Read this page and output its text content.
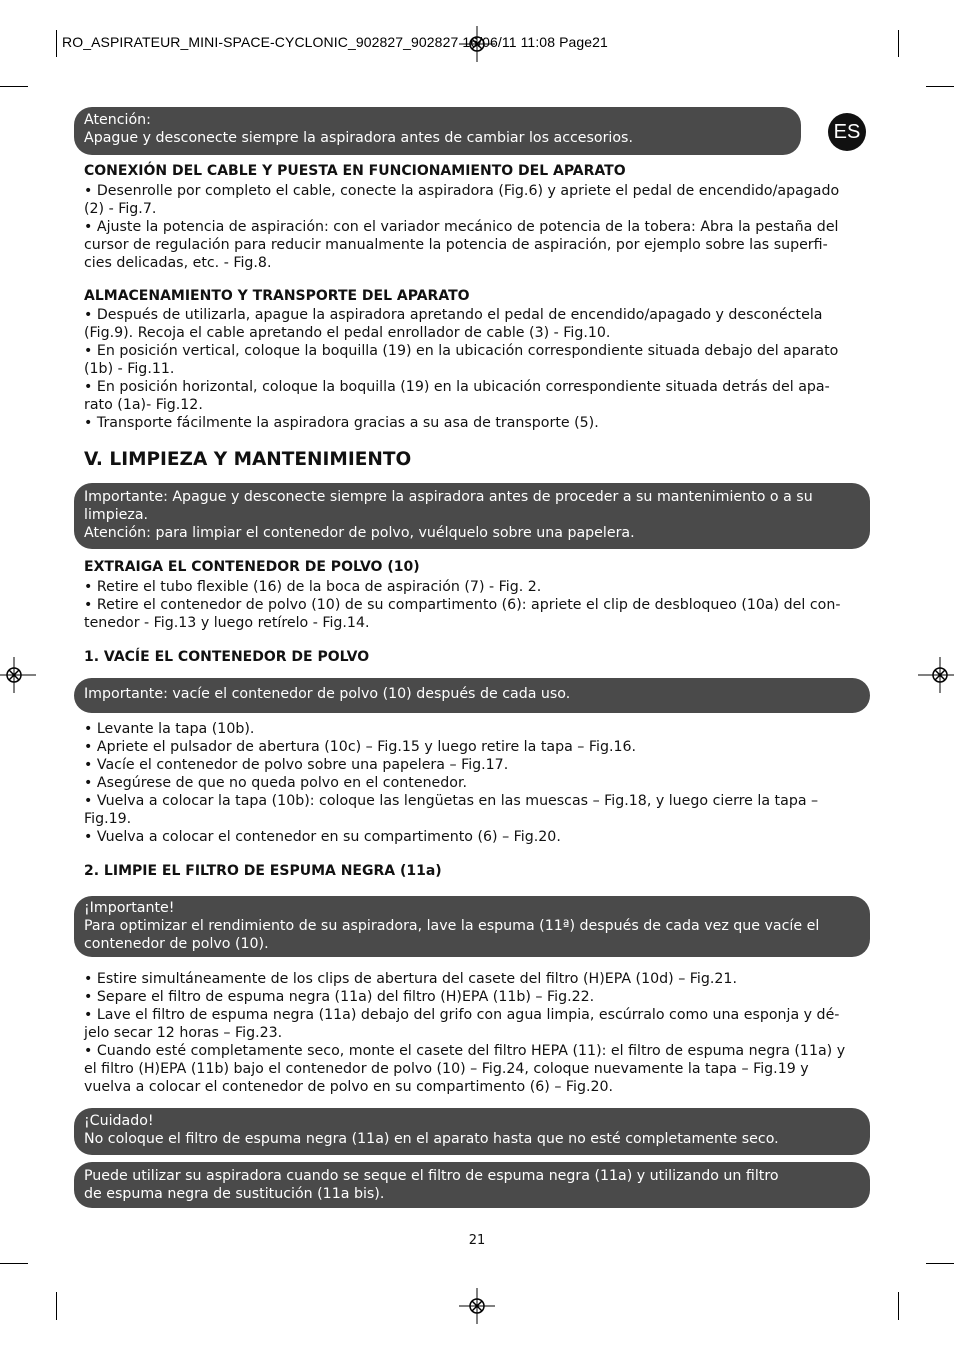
RO_ASPIRATEUR_MINI-SPACE-CYCLONIC_902827_902827 16/06/11 11:08 Page21
ES

Atención:

Apague y desconecte siempre la aspiradora antes de cambiar los accesorios.

CONEXIÓN DEL CABLE Y PUESTA EN FUNCIONAMIENTO DEL APARATO

• Desenrolle por completo el cable, conecte la aspiradora (Fig.6) y apriete el pedal de encendido/apagado

(2) - Fig.7.

• Ajuste la potencia de aspiración: con el variador mecánico de potencia de la tobera: Abra la pestaña del

cursor de regulación para reducir manualmente la potencia de aspiración, por ejemplo sobre las superfi-

cies delicadas, etc. - Fig.8.

ALMACENAMIENTO Y TRANSPORTE DEL APARATO

• Después de utilizarla, apague la aspiradora apretando el pedal de encendido/apagado y desconéctela

(Fig.9). Recoja el cable apretando el pedal enrollador de cable (3) - Fig.10.

• En posición vertical, coloque la boquilla (19) en la ubicación correspondiente situada debajo del aparato

(1b) - Fig.11.

• En posición horizontal, coloque la boquilla (19) en la ubicación correspondiente situada detrás del apa-

rato (1a)- Fig.12.

• Transporte fácilmente la aspiradora gracias a su asa de transporte (5).

V. LIMPIEZA Y MANTENIMIENTO

Importante: Apague y desconecte siempre la aspiradora antes de proceder a su mantenimiento o a su

limpieza.

Atención: para limpiar el contenedor de polvo, vuélquelo sobre una papelera.

EXTRAIGA EL CONTENEDOR DE POLVO (10)

• Retire el tubo flexible (16) de la boca de aspiración (7) - Fig. 2.

• Retire el contenedor de polvo (10) de su compartimento (6): apriete el clip de desbloqueo (10a) del con-

tenedor - Fig.13 y luego retírelo - Fig.14.

1. VACÍE EL CONTENEDOR DE POLVO

Importante: vacíe el contenedor de polvo (10) después de cada uso.

• Levante la tapa (10b).

• Apriete el pulsador de abertura (10c) – Fig.15 y luego retire la tapa – Fig.16.

• Vacíe el contenedor de polvo sobre una papelera – Fig.17.

• Asegúrese de que no queda polvo en el contenedor.

• Vuelva a colocar la tapa (10b): coloque las lengüetas en las muescas – Fig.18, y luego cierre la tapa –

Fig.19.

• Vuelva a colocar el contenedor en su compartimento (6) – Fig.20.

2. LIMPIE EL FILTRO DE ESPUMA NEGRA (11a)

¡Importante!

Para optimizar el rendimiento de su aspiradora, lave la espuma (11ª) después de cada vez que vacíe el

contenedor de polvo (10).

• Estire simultáneamente de los clips de abertura del casete del filtro (H)EPA (10d) – Fig.21.

• Separe el filtro de espuma negra (11a) del filtro (H)EPA (11b) – Fig.22.

• Lave el filtro de espuma negra (11a) debajo del grifo con agua limpia, escúrralo como una esponja y dé-

jelo secar 12 horas – Fig.23.

• Cuando esté completamente seco, monte el casete del filtro HEPA (11): el filtro de espuma negra (11a) y

el filtro (H)EPA (11b) bajo el contenedor de polvo (10) – Fig.24, coloque nuevamente la tapa – Fig.19 y

vuelva a colocar el contenedor de polvo en su compartimento (6) – Fig.20.

¡Cuidado!

No coloque el filtro de espuma negra (11a) en el aparato hasta que no esté completamente seco.

Puede utilizar su aspiradora cuando se seque el filtro de espuma negra (11a) y utilizando un filtro

de espuma negra de sustitución (11a bis).

21
